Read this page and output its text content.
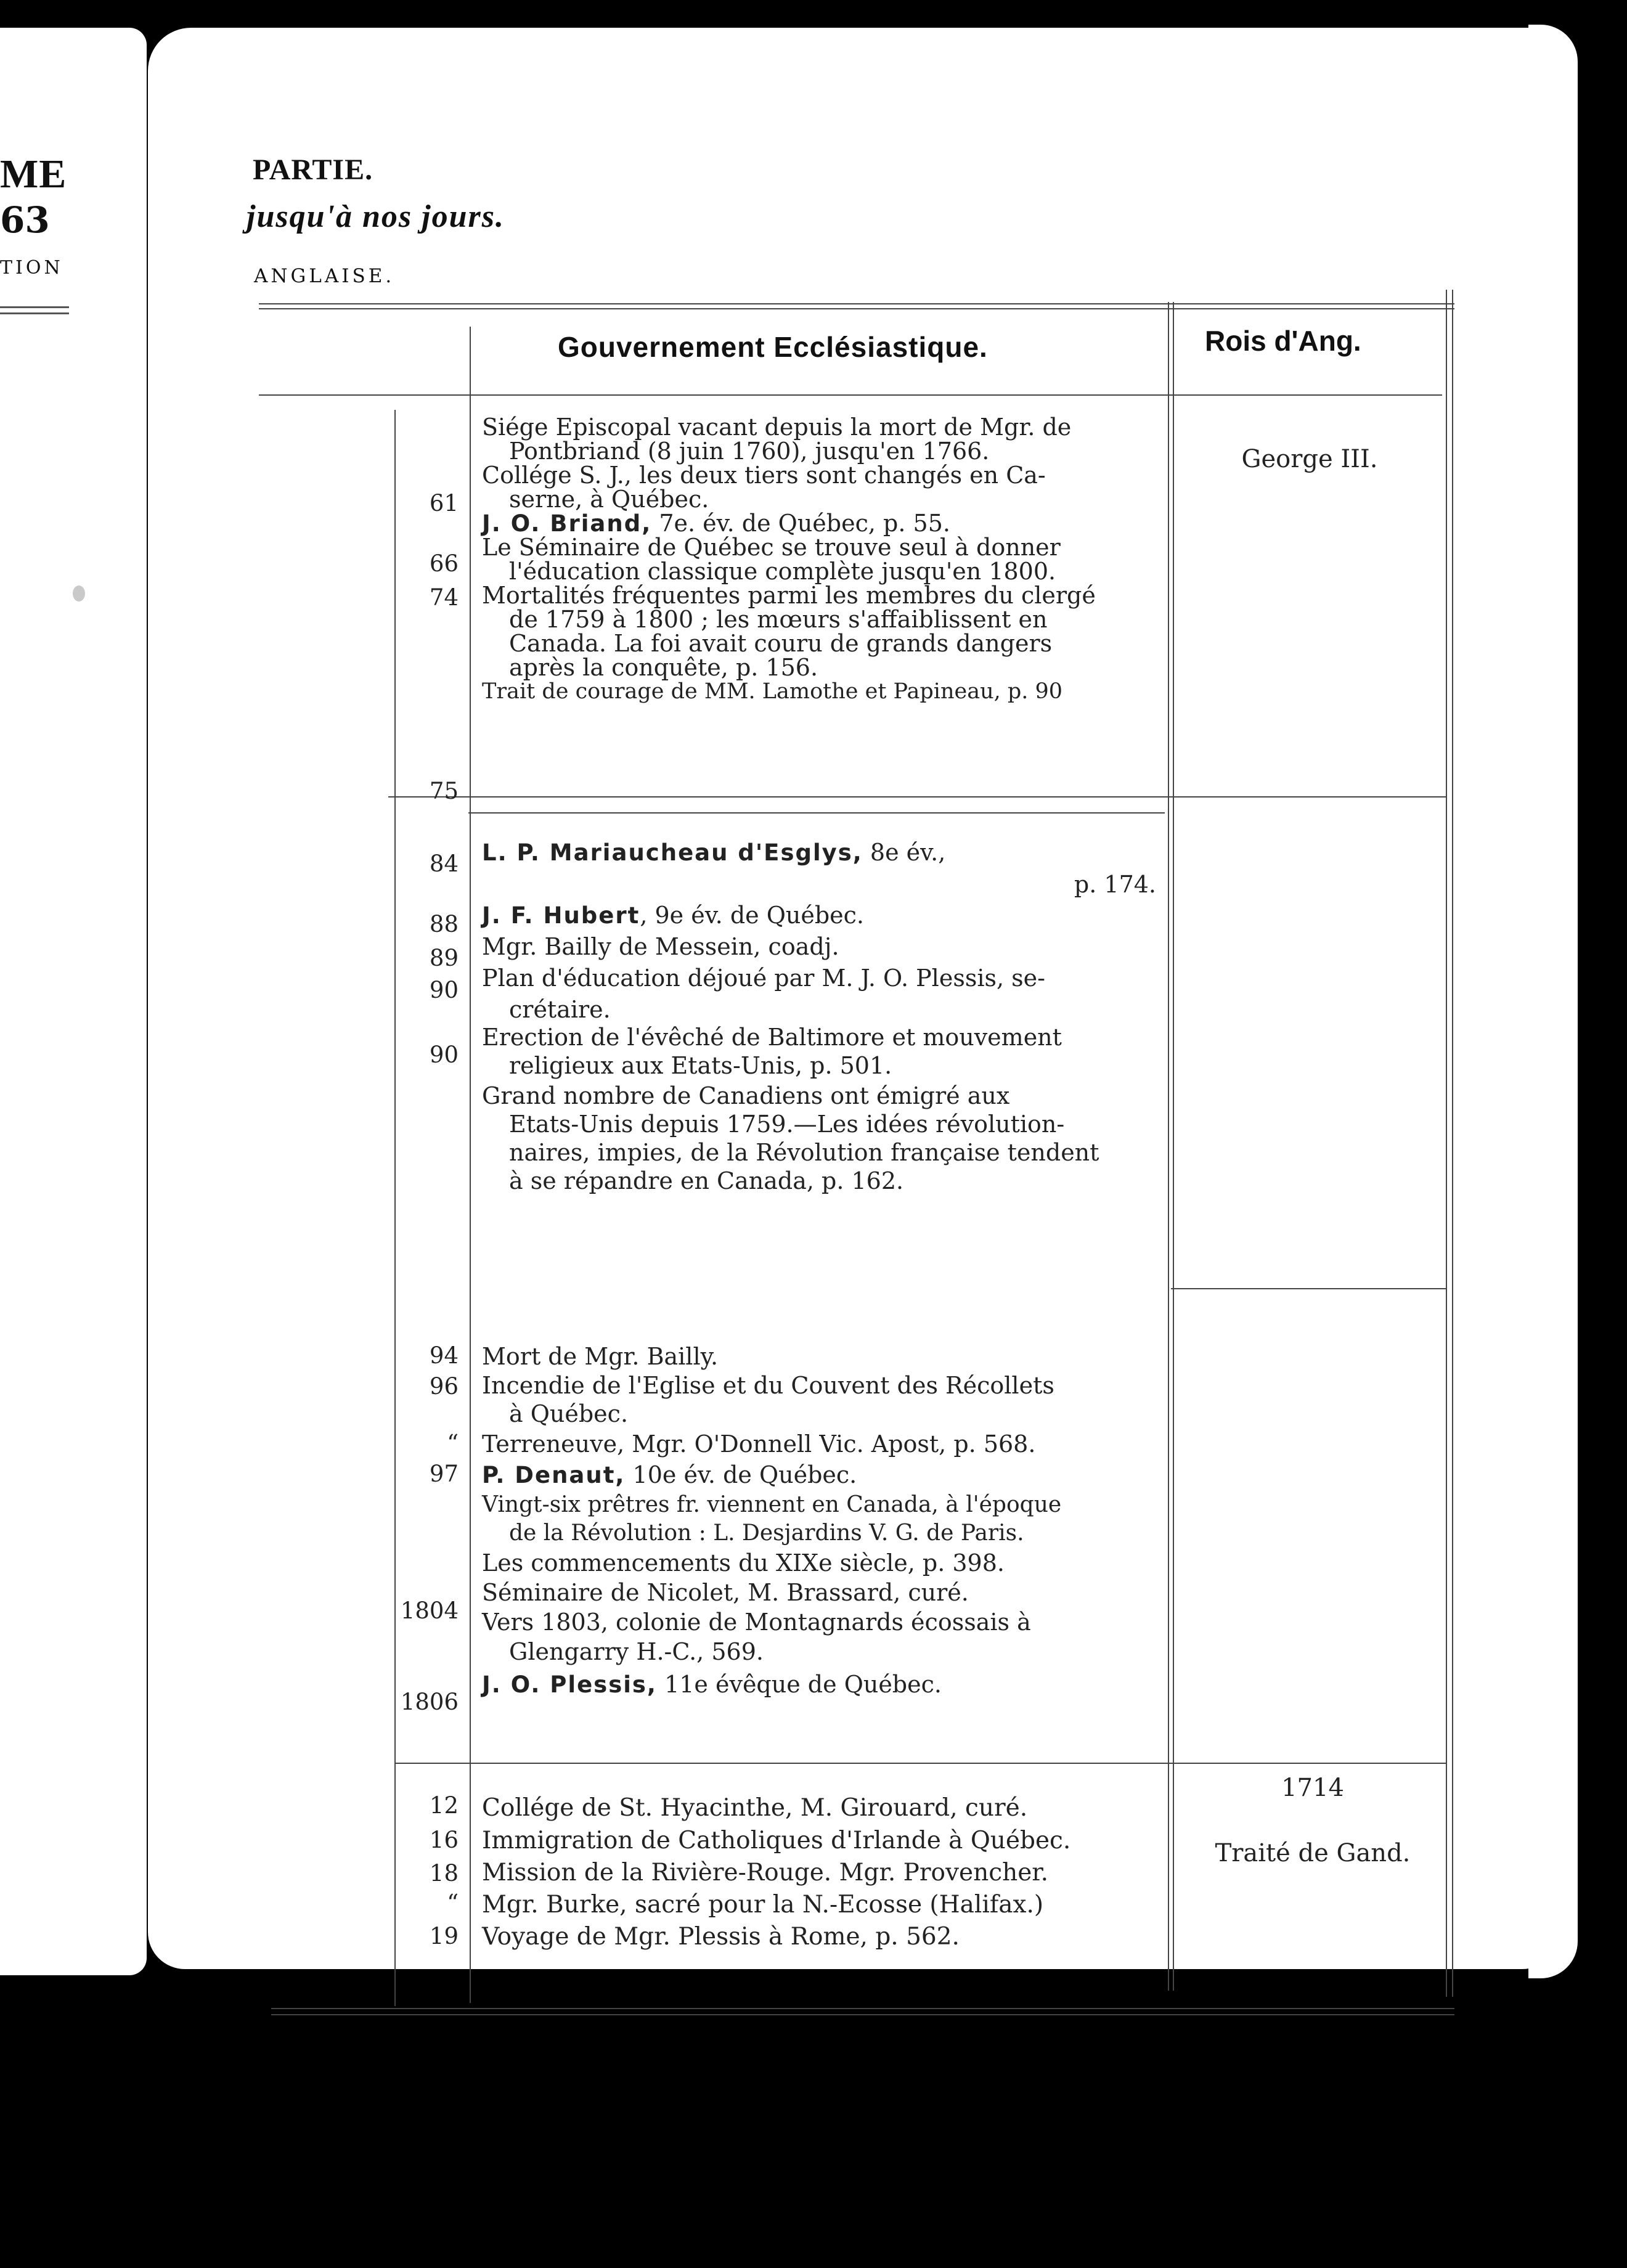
ME
63
TION
PARTIE.
jusqu'à nos jours.
ANGLAISE.
Gouvernement Ecclésiastique.	Rois d'Ang.
61
66
74
75
Siége Episcopal vacant depuis la mort de Mgr. de
Pontbriand (8 juin 1760), jusqu'en 1766.
Collége S. J., les deux tiers sont changés en Ca-
serne, à Québec.
J. O. Briand, 7e. év. de Québec, p. 55.
Le Séminaire de Québec se trouve seul à donner
l'éducation classique complète jusqu'en 1800.
Mortalités fréquentes parmi les membres du clergé
de 1759 à 1800 ; les mœurs s'affaiblissent en
Canada. La foi avait couru de grands dangers
après la conquête, p. 156.
Trait de courage de MM. Lamothe et Papineau, p. 90
George III.
84
88
89
90
90
L. P. Mariaucheau d'Esglys, 8e év.,
p. 174.
J. F. Hubert, 9e év. de Québec.
Mgr. Bailly de Messein, coadj.
Plan d'éducation déjoué par M. J. O. Plessis, se-
crétaire.
Erection de l'évêché de Baltimore et mouvement
religieux aux Etats-Unis, p. 501.
Grand nombre de Canadiens ont émigré aux
Etats-Unis depuis 1759.—Les idées révolution-
naires, impies, de la Révolution française tendent
à se répandre en Canada, p. 162.
94
96
“
97
1804
1806
Mort de Mgr. Bailly.
Incendie de l'Eglise et du Couvent des Récollets
à Québec.
Terreneuve, Mgr. O'Donnell Vic. Apost, p. 568.
P. Denaut, 10e év. de Québec.
Vingt-six prêtres fr. viennent en Canada, à l'époque
de la Révolution : L. Desjardins V. G. de Paris.
Les commencements du XIXe siècle, p. 398.
Séminaire de Nicolet, M. Brassard, curé.
Vers 1803, colonie de Montagnards écossais à
Glengarry H.-C., 569.
J. O. Plessis, 11e évêque de Québec.
12
16
18
“
19
Collége de St. Hyacinthe, M. Girouard, curé.
Immigration de Catholiques d'Irlande à Québec.
Mission de la Rivière-Rouge. Mgr. Provencher.
Mgr. Burke, sacré pour la N.-Ecosse (Halifax.)
Voyage de Mgr. Plessis à Rome, p. 562.
1714
Traité de Gand.
